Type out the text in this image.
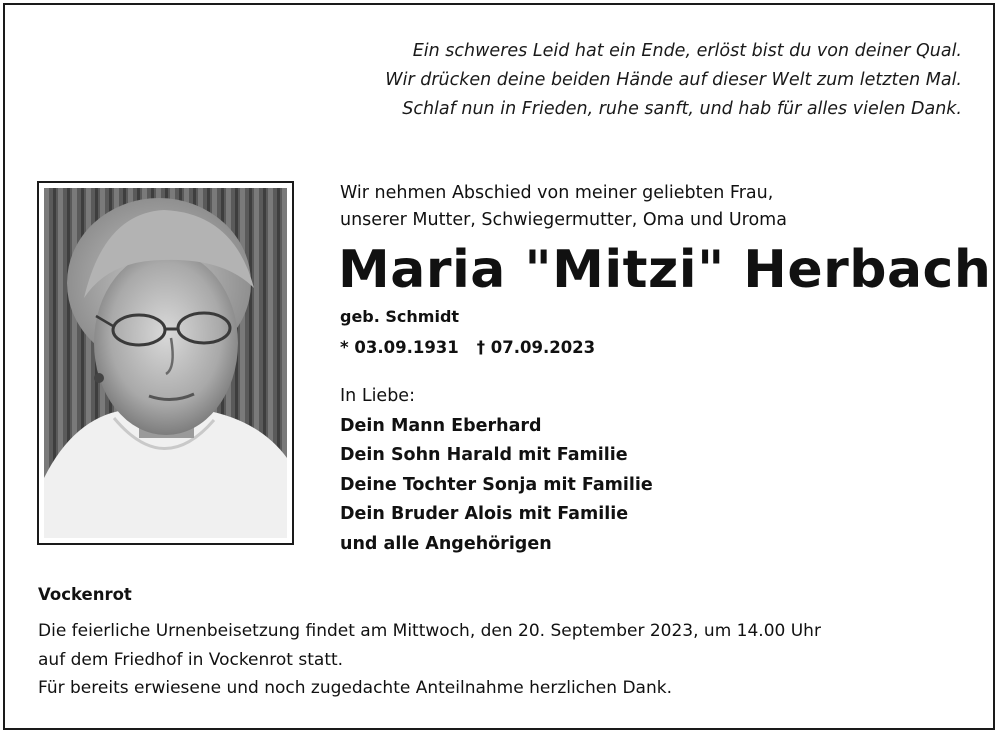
Ein schweres Leid hat ein Ende, erlöst bist du von deiner Qual.
Wir drücken deine beiden Hände auf dieser Welt zum letzten Mal.
Schlaf nun in Frieden, ruhe sanft, und hab für alles vielen Dank.
Wir nehmen Abschied von meiner geliebten Frau,
unserer Mutter, Schwiegermutter, Oma und Uroma
Maria "Mitzi" Herbach
geb. Schmidt
* 03.09.1931 † 07.09.2023
In Liebe:
Dein Mann Eberhard
Dein Sohn Harald mit Familie
Deine Tochter Sonja mit Familie
Dein Bruder Alois mit Familie
und alle Angehörigen
Vockenrot
Die feierliche Urnenbeisetzung findet am Mittwoch, den 20. September 2023, um 14.00 Uhr
auf dem Friedhof in Vockenrot statt.
Für bereits erwiesene und noch zugedachte Anteilnahme herzlichen Dank.
